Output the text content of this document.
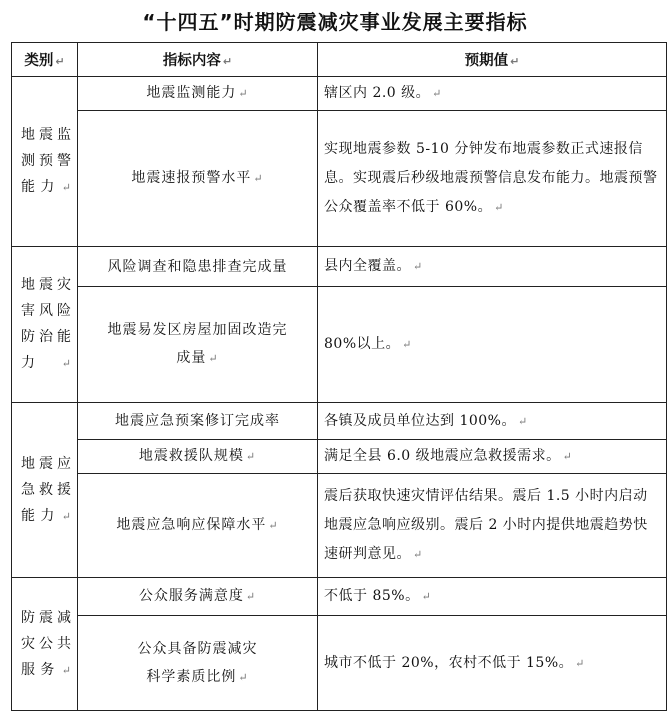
“十四五”时期防震减灾事业发展主要指标
类别 ↵	指标内容 ↵	预期值 ↵
地震监测预警能力 ↵	地震监测能力 ↵	辖区内 2.0 级。 ↵
	地震速报预警水平 ↵	实现地震参数 5-10 分钟发布地震参数正式速报信息。实现震后秒级地震预警信息发布能力。地震预警公众覆盖率不低于 60%。 ↵
地震灾害风险防治能力 ↵	风险调查和隐患排查完成量	县内全覆盖。 ↵
	地震易发区房屋加固改造完成量 ↵	80%以上。 ↵
地震应急救援能力 ↵	地震应急预案修订完成率	各镇及成员单位达到 100%。 ↵
	地震救援队规模 ↵	满足全县 6.0 级地震应急救援需求。 ↵
	地震应急响应保障水平 ↵	震后获取快速灾情评估结果。震后 1.5 小时内启动地震应急响应级别。震后 2 小时内提供地震趋势快速研判意见。 ↵
防震减灾公共服务 ↵	公众服务满意度 ↵	不低于 85%。 ↵
	公众具备防震减灾科学素质比例 ↵	城市不低于 20%，农村不低于 15%。 ↵
